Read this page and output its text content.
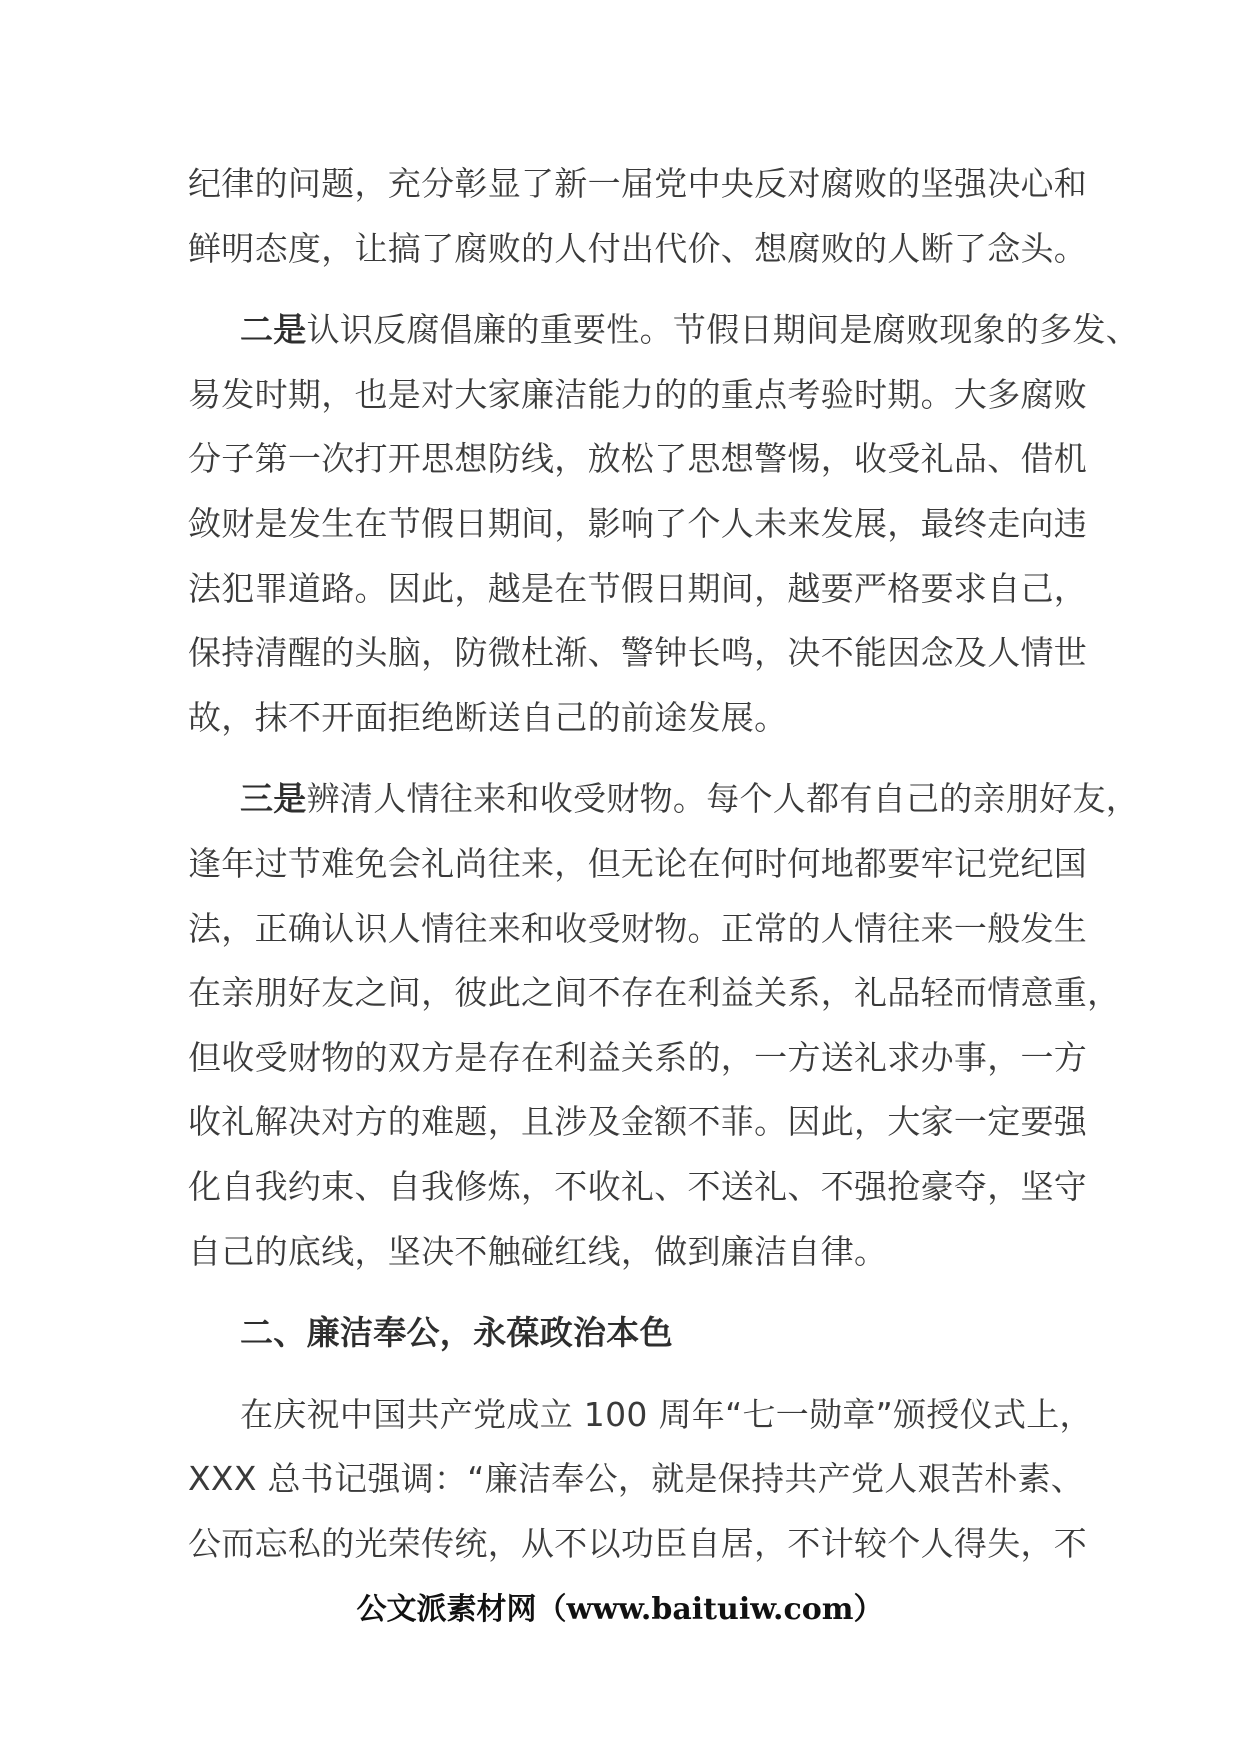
纪律的问题，充分彰显了新一届党中央反对腐败的坚强决心和
鲜明态度，让搞了腐败的人付出代价、想腐败的人断了念头。
二是认识反腐倡廉的重要性。节假日期间是腐败现象的多发、
易发时期，也是对大家廉洁能力的的重点考验时期。大多腐败
分子第一次打开思想防线，放松了思想警惕，收受礼品、借机
敛财是发生在节假日期间，影响了个人未来发展，最终走向违
法犯罪道路。因此，越是在节假日期间，越要严格要求自己，
保持清醒的头脑，防微杜渐、警钟长鸣，决不能因念及人情世
故，抹不开面拒绝断送自己的前途发展。
三是辨清人情往来和收受财物。每个人都有自己的亲朋好友，
逢年过节难免会礼尚往来，但无论在何时何地都要牢记党纪国
法，正确认识人情往来和收受财物。正常的人情往来一般发生
在亲朋好友之间，彼此之间不存在利益关系，礼品轻而情意重，
但收受财物的双方是存在利益关系的，一方送礼求办事，一方
收礼解决对方的难题，且涉及金额不菲。因此，大家一定要强
化自我约束、自我修炼，不收礼、不送礼、不强抢豪夺，坚守
自己的底线，坚决不触碰红线，做到廉洁自律。
二、廉洁奉公，永葆政治本色
在庆祝中国共产党成立 100 周年“七一勋章”颁授仪式上，
XXX 总书记强调：“廉洁奉公，就是保持共产党人艰苦朴素、
公而忘私的光荣传统，从不以功臣自居，不计较个人得失，不
公文派素材网（www.baituiw.com）
